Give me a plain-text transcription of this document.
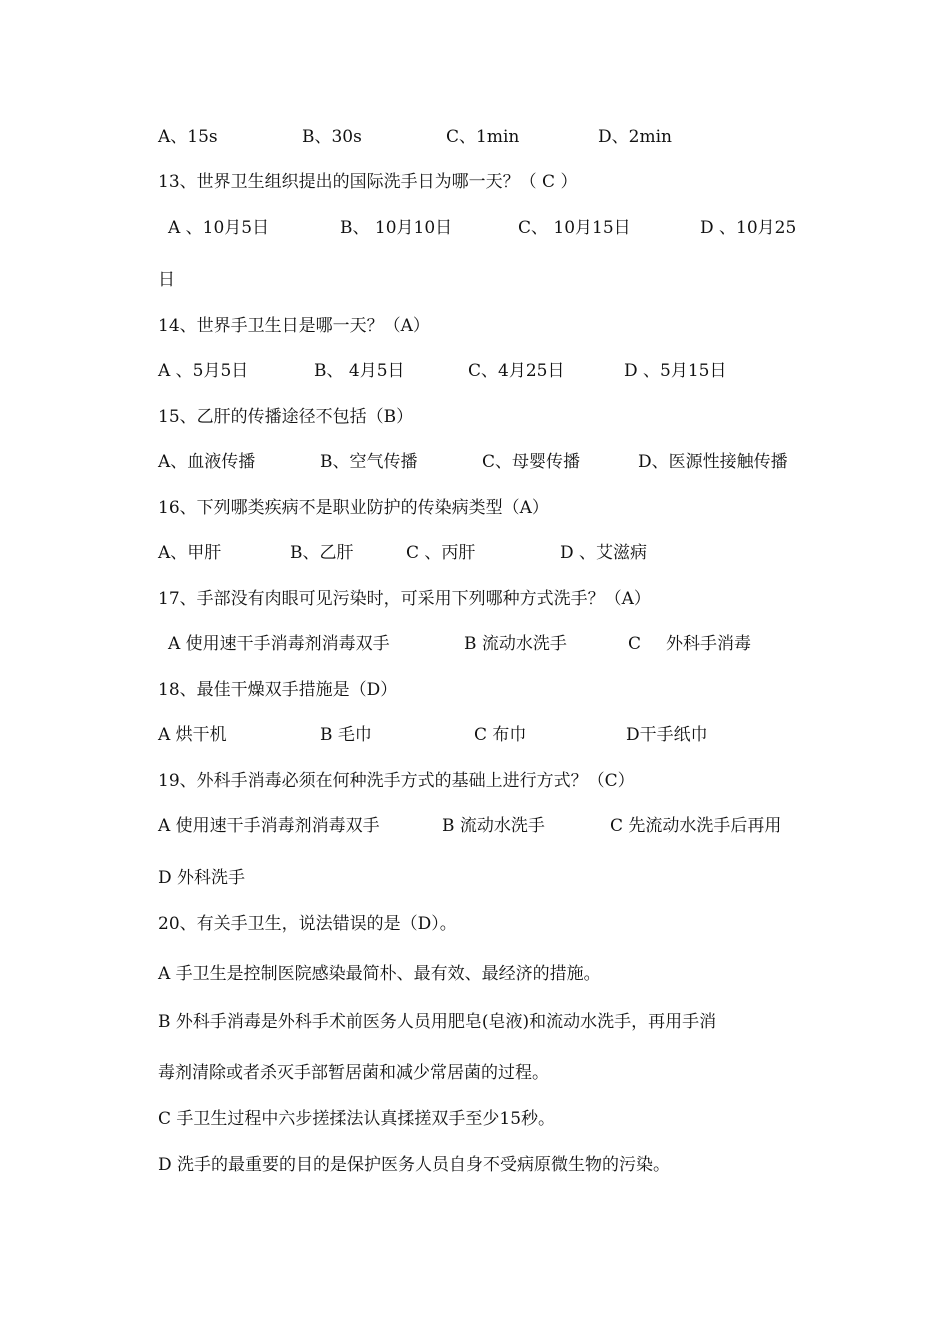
A、15s	B、30s	C、1min	D、2min
13、世界卫生组织提出的国际洗手日为哪一天？（ C ）
A 、10月5日	B、 10月10日	C、 10月15日	D 、10月25
日
14、世界手卫生日是哪一天？（A）
A 、5月5日	B、 4月5日	C、4月25日	D 、5月15日
15、乙肝的传播途径不包括（B）
A、血液传播	B、空气传播	C、母婴传播	D、医源性接触传播
16、下列哪类疾病不是职业防护的传染病类型（A）
A、甲肝	B、乙肝	C 、丙肝	D 、艾滋病
17、手部没有肉眼可见污染时，可采用下列哪种方式洗手？（A）
A 使用速干手消毒剂消毒双手	B 流动水洗手	C 外科手消毒
18、最佳干燥双手措施是（D）
A 烘干机	B 毛巾	C 布巾	D干手纸巾
19、外科手消毒必须在何种洗手方式的基础上进行方式？（C）
A 使用速干手消毒剂消毒双手	B 流动水洗手	C 先流动水洗手后再用
D 外科洗手
20、有关手卫生，说法错误的是（D）。
A 手卫生是控制医院感染最简朴、最有效、最经济的措施。
B 外科手消毒是外科手术前医务人员用肥皂(皂液)和流动水洗手，再用手消
毒剂清除或者杀灭手部暂居菌和减少常居菌的过程。
C 手卫生过程中六步搓揉法认真揉搓双手至少15秒。
D 洗手的最重要的目的是保护医务人员自身不受病原微生物的污染。
